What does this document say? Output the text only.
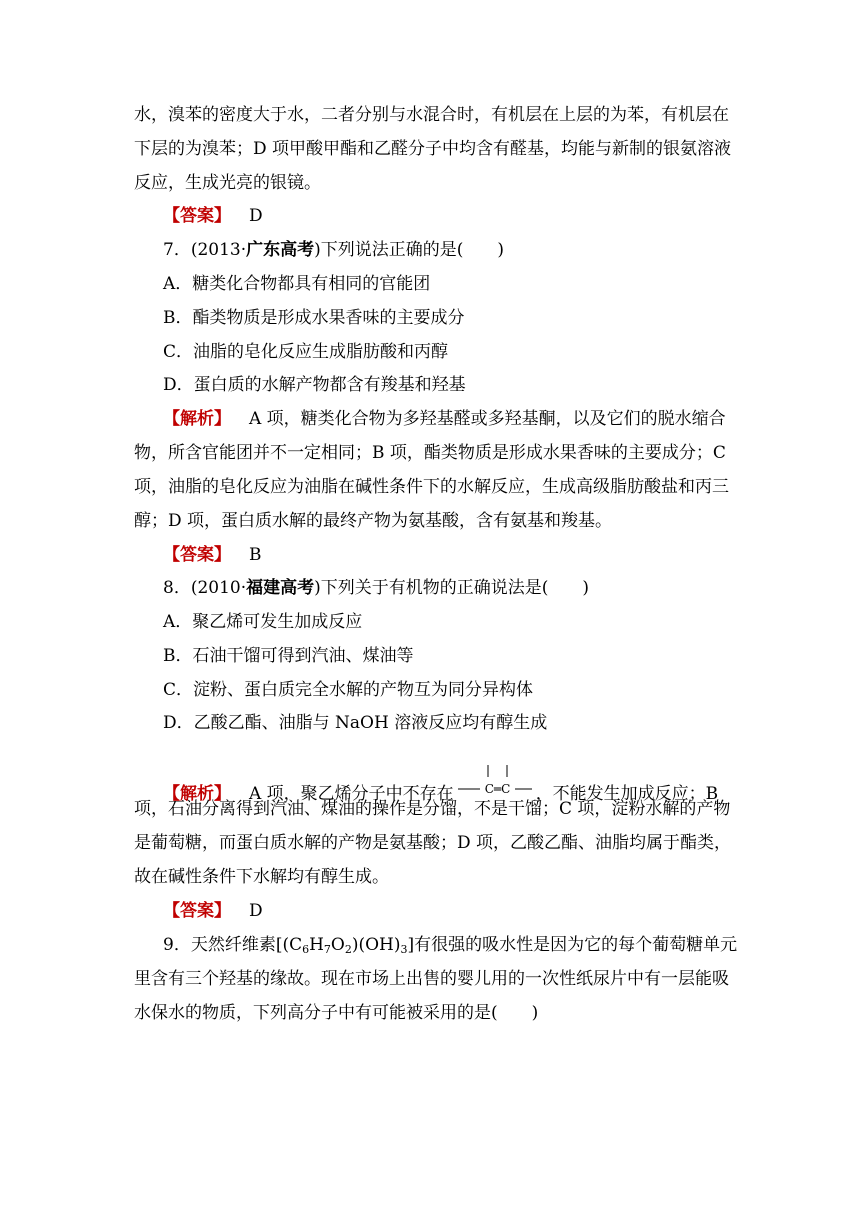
水，溴苯的密度大于水，二者分别与水混合时，有机层在上层的为苯，有机层在
下层的为溴苯；D 项甲酸甲酯和乙醛分子中均含有醛基，均能与新制的银氨溶液
反应，生成光亮的银镜。
【答案】 D
7．(2013·广东高考)下列说法正确的是(　　)
A．糖类化合物都具有相同的官能团
B．酯类物质是形成水果香味的主要成分
C．油脂的皂化反应生成脂肪酸和丙醇
D．蛋白质的水解产物都含有羧基和羟基
【解析】 A 项，糖类化合物为多羟基醛或多羟基酮，以及它们的脱水缩合
物，所含官能团并不一定相同；B 项，酯类物质是形成水果香味的主要成分；C
项，油脂的皂化反应为油脂在碱性条件下的水解反应，生成高级脂肪酸盐和丙三
醇；D 项，蛋白质水解的最终产物为氨基酸，含有氨基和羧基。
【答案】 B
8．(2010·福建高考)下列关于有机物的正确说法是(　　)
A．聚乙烯可发生加成反应
B．石油干馏可得到汽油、煤油等
C．淀粉、蛋白质完全水解的产物互为同分异构体
D．乙酸乙酯、油脂与 NaOH 溶液反应均有醇生成
【解析】 A 项，聚乙烯分子中不存在	C═C ，不能发生加成反应；B
项，石油分离得到汽油、煤油的操作是分馏，不是干馏；C 项，淀粉水解的产物
是葡萄糖，而蛋白质水解的产物是氨基酸；D 项，乙酸乙酯、油脂均属于酯类，
故在碱性条件下水解均有醇生成。
【答案】 D
9．天然纤维素$[(C_6H_7O_2)(OH)_3]$有很强的吸水性是因为它的每个葡萄糖单元
里含有三个羟基的缘故。现在市场上出售的婴儿用的一次性纸尿片中有一层能吸
水保水的物质，下列高分子中有可能被采用的是(　　)
